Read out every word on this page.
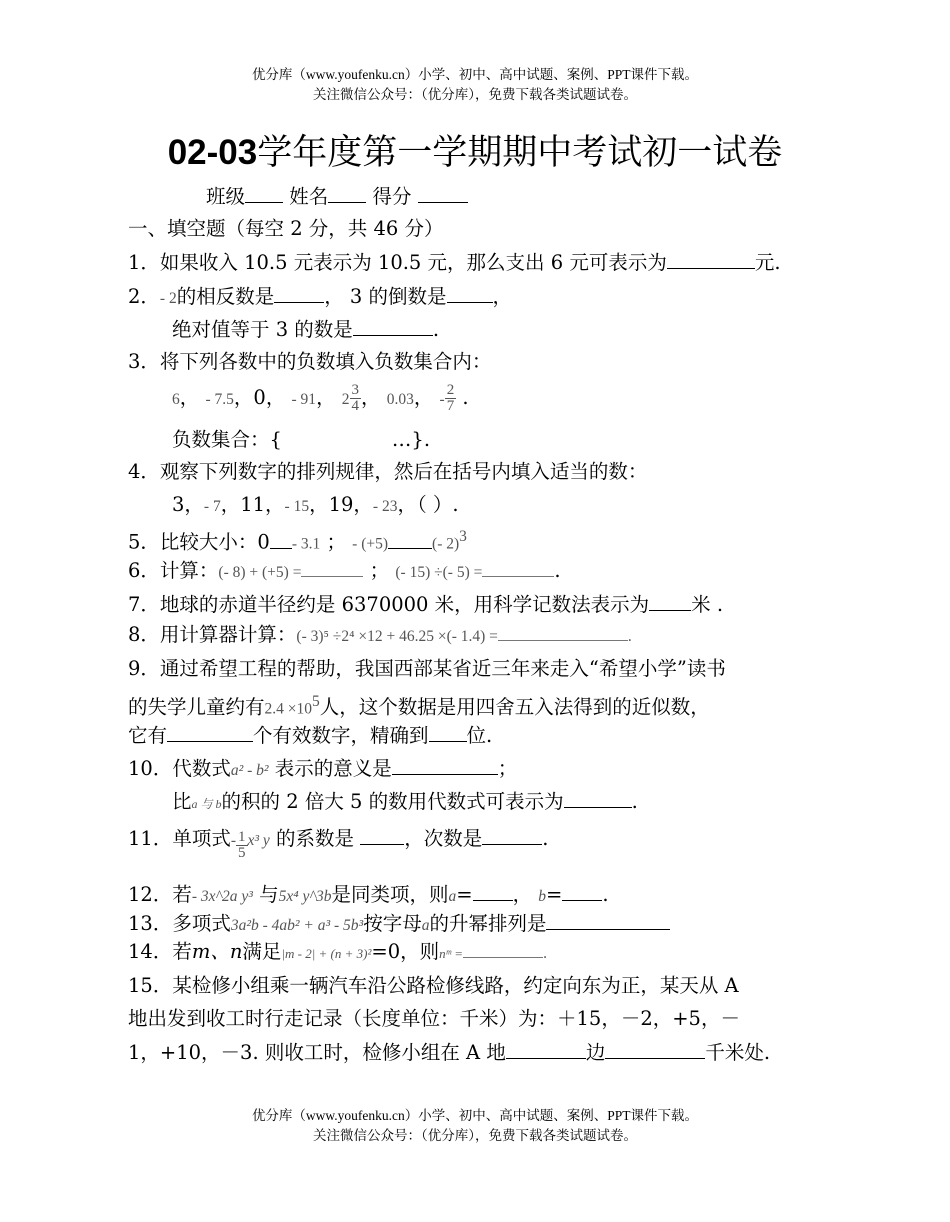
优分库（www.youfenku.cn）小学、初中、高中试题、案例、PPT课件下载。
关注微信公众号：（优分库），免费下载各类试题试卷。
02-03学年度第一学期期中考试初一试卷
班级 姓名 得分
一、填空题（每空 2 分，共 46 分）
1．如果收入 10.5 元表示为 10.5 元，那么支出 6 元可表示为	元.
2．- 2的相反数是	， 3 的倒数是 ，
绝对值等于 3 的数是	.
3．将下列各数中的负数填入负数集合内：
6， - 7.5，0， - 91， $2 \frac{3}{4}$ ， 0.03， - $\frac{2}{7}$ .
负数集合：{	…}.
4．观察下列数字的排列规律，然后在括号内填入适当的数：
3，- 7，11，- 15，19，- 23，（ ）.
5．比较大小：0 - 3.1 ； - (+5)	(- 2)$^3$
6．计算：(- 8) + (+5) =	； (- 15) ÷(- 5) =	.
7．地球的赤道半径约是 6370000 米，用科学记数法表示为 米 .
8．用计算器计算：(- 3)⁵ ÷2⁴ ×12 + 46.25 ×(- 1.4) =	.
9．通过希望工程的帮助，我国西部某省近三年来走入“希望小学”读书
的失学儿童约有$2.4 \times 10^5$人，这个数据是用四舍五入法得到的近似数，
它有	个有效数字，精确到 位.
10．代数式a² - b² 表示的意义是	；
比a 与 b的积的 2 倍大 5 的数用代数式可表示为	.
11．单项式- $\frac{1}{5} x^3$ y 的系数是	，次数是	.
12．若- 3x^2a y³ 与5x⁴ y^3b是同类项，则a= ， b= .
13．多项式3a²b - 4ab² + a³ - 5b³按字母a的升幂排列是
14．若m、n满足|m - 2| + (n + 3)²=0，则nᵐ =	.
15．某检修小组乘一辆汽车沿公路检修线路，约定向东为正，某天从 A
地出发到收工时行走记录（长度单位：千米）为：＋15，－2，+5，－
1，+10，－3. 则收工时，检修小组在 A 地	边	千米处.
优分库（www.youfenku.cn）小学、初中、高中试题、案例、PPT课件下载。
关注微信公众号：（优分库），免费下载各类试题试卷。
